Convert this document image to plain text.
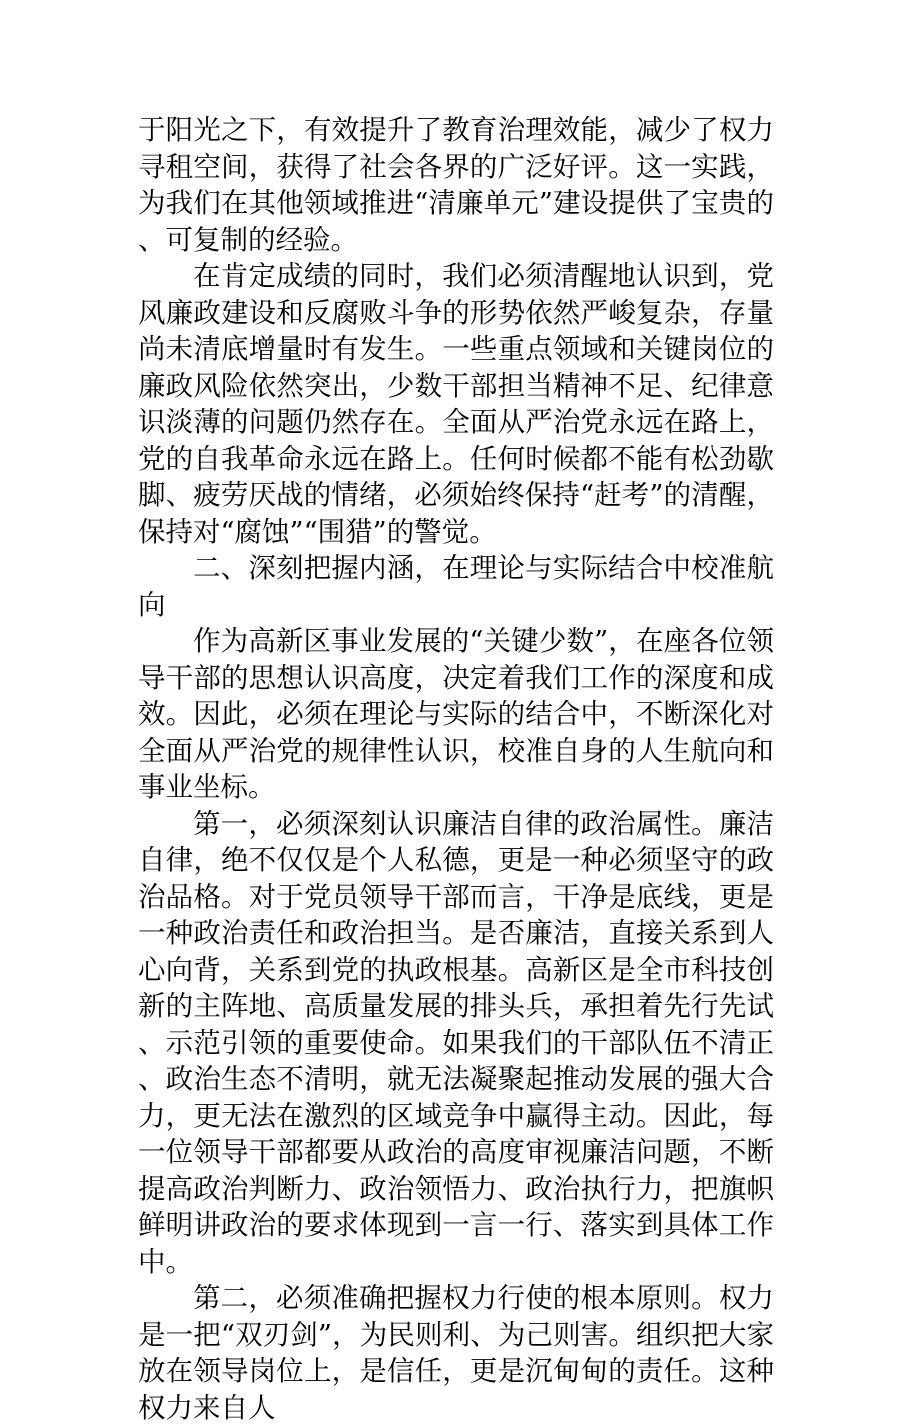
于阳光之下，有效提升了教育治理效能，减少了权力寻租空间，获得了社会各界的广泛好评。这一实践，为我们在其他领域推进“清廉单元”建设提供了宝贵的、可复制的经验。

在肯定成绩的同时，我们必须清醒地认识到，党风廉政建设和反腐败斗争的形势依然严峻复杂，存量尚未清底增量时有发生。一些重点领域和关键岗位的廉政风险依然突出，少数干部担当精神不足、纪律意识淡薄的问题仍然存在。全面从严治党永远在路上，党的自我革命永远在路上。任何时候都不能有松劲歇脚、疲劳厌战的情绪，必须始终保持“赶考”的清醒，保持对“腐蚀”“围猎”的警觉。

二、深刻把握内涵，在理论与实际结合中校准航向

作为高新区事业发展的“关键少数”，在座各位领导干部的思想认识高度，决定着我们工作的深度和成效。因此，必须在理论与实际的结合中，不断深化对全面从严治党的规律性认识，校准自身的人生航向和事业坐标。

第一，必须深刻认识廉洁自律的政治属性。廉洁自律，绝不仅仅是个人私德，更是一种必须坚守的政治品格。对于党员领导干部而言，干净是底线，更是一种政治责任和政治担当。是否廉洁，直接关系到人心向背，关系到党的执政根基。高新区是全市科技创新的主阵地、高质量发展的排头兵，承担着先行先试、示范引领的重要使命。如果我们的干部队伍不清正、政治生态不清明，就无法凝聚起推动发展的强大合力，更无法在激烈的区域竞争中赢得主动。因此，每一位领导干部都要从政治的高度审视廉洁问题，不断提高政治判断力、政治领悟力、政治执行力，把旗帜鲜明讲政治的要求体现到一言一行、落实到具体工作中。

第二，必须准确把握权力行使的根本原则。权力是一把“双刃剑”，为民则利、为己则害。组织把大家放在领导岗位上，是信任，更是沉甸甸的责任。这种权力来自人
